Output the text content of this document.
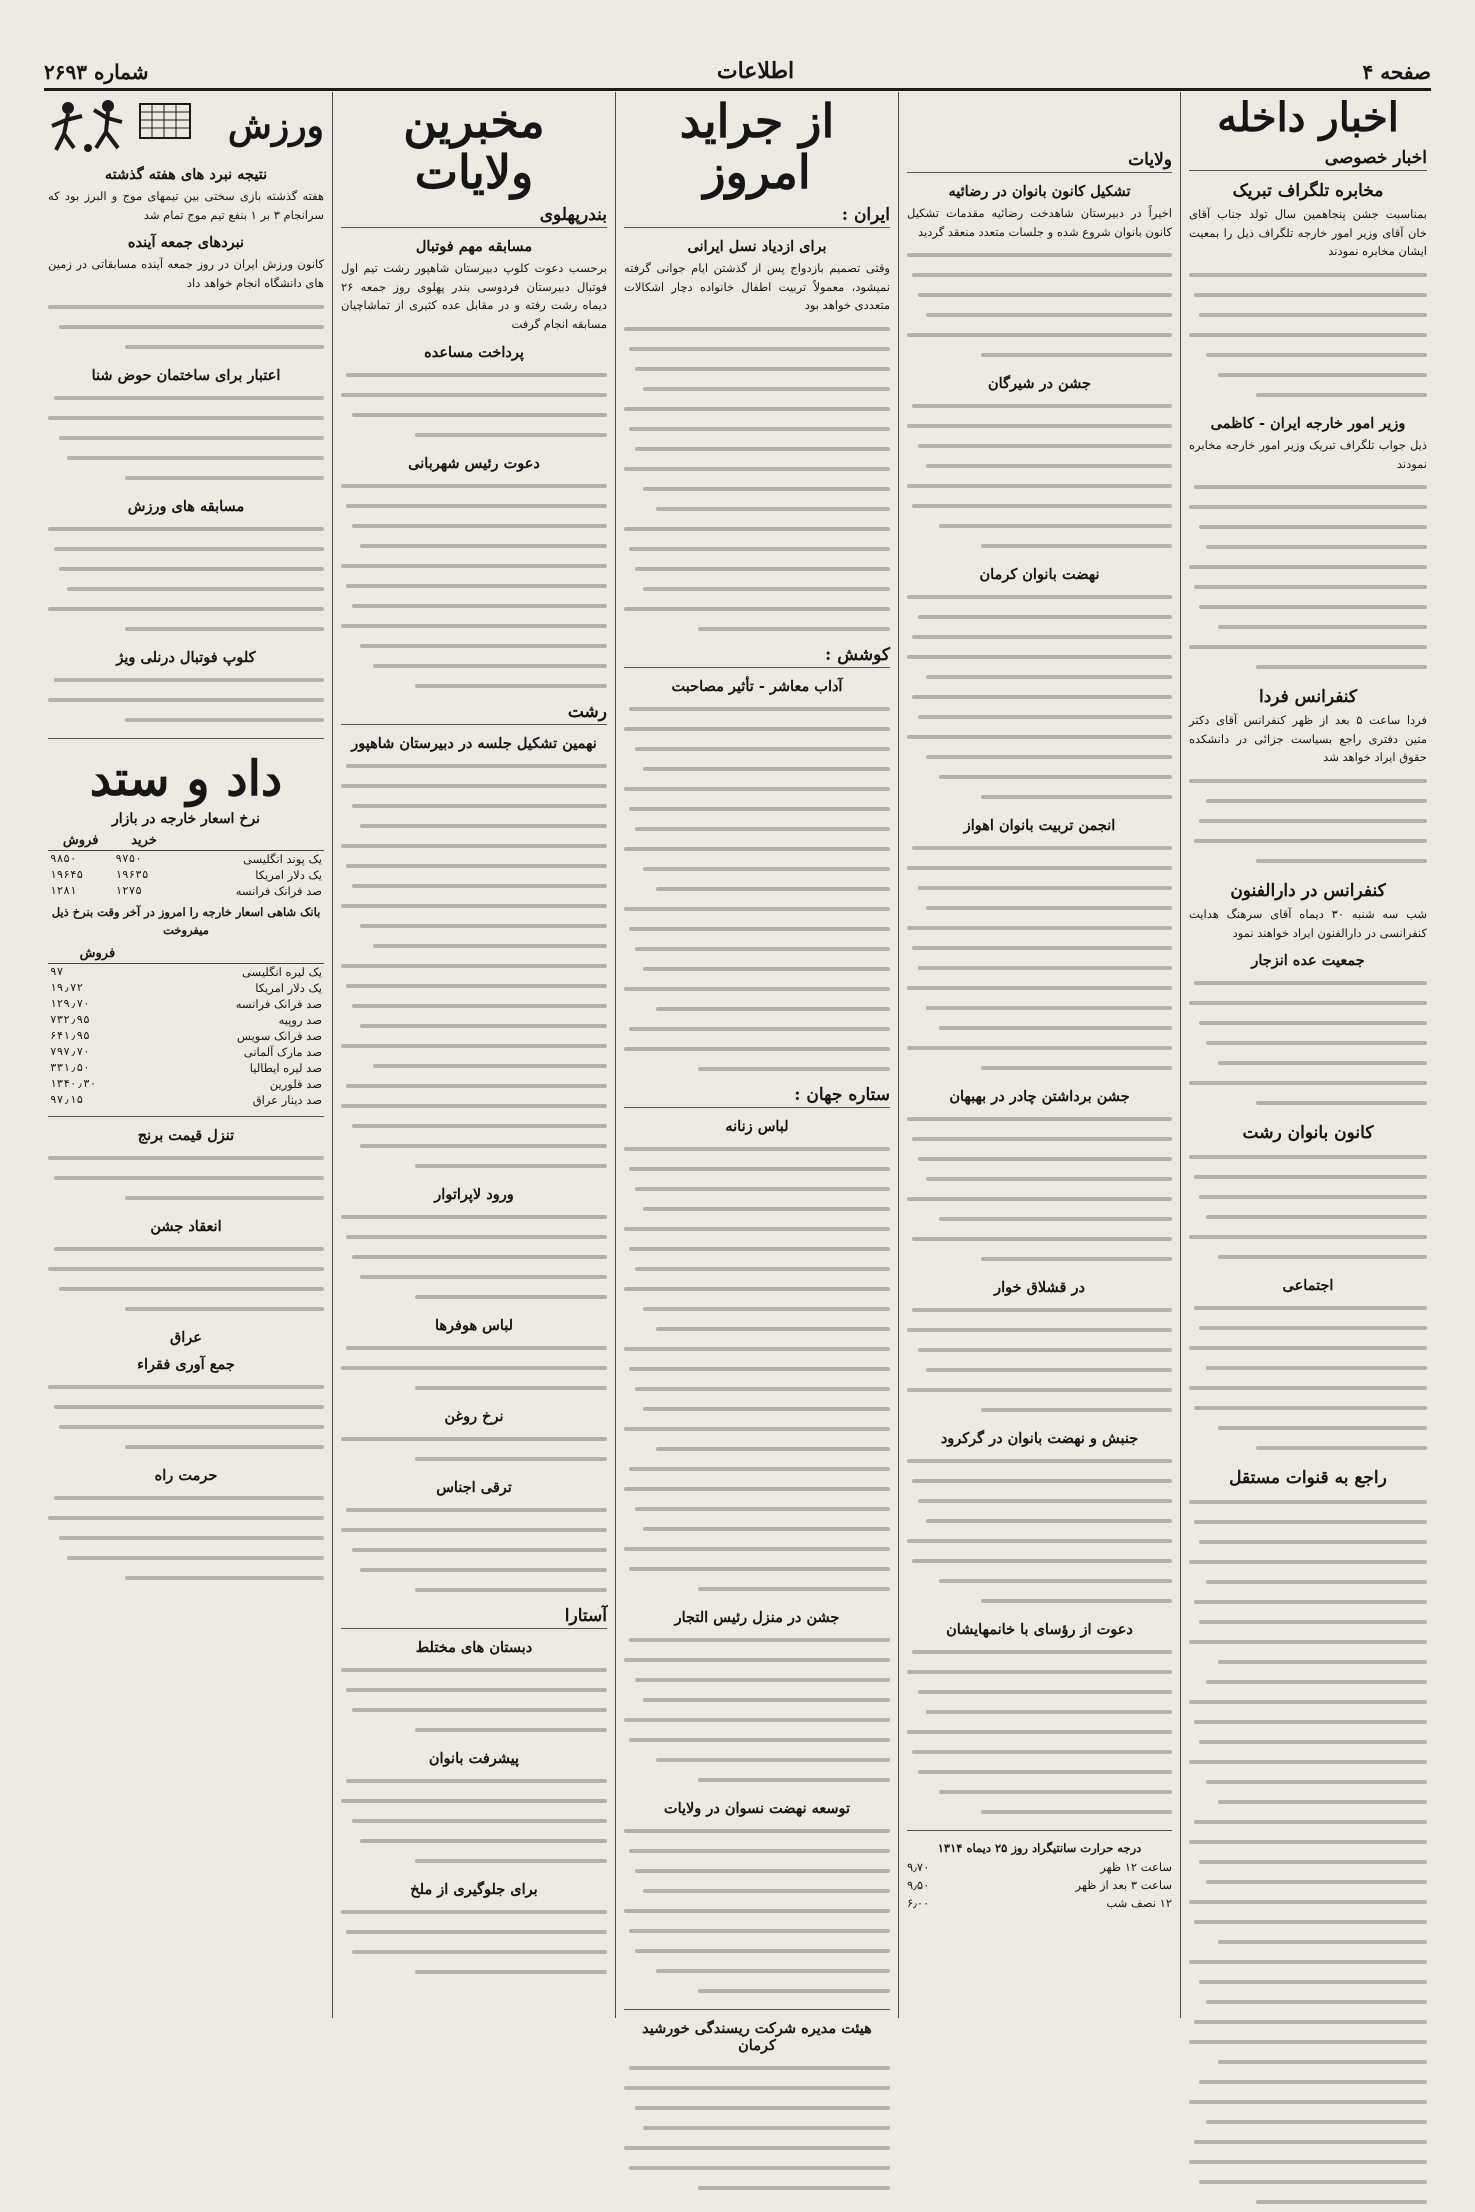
صفحه ۴
اطلاعات
شماره ۲۶۹۳
اخبار داخله
اخبار خصوصی
مخابره تلگراف تبریک

بمناسبت جشن پنجاهمین سال تولد جناب آقای خان آقای وزیر امور خارجه تلگراف ذیل را بمعیت ایشان مخابره نمودند

وزیر امور خارجه ایران - کاظمی

ذیل جواب تلگراف تبریک وزیر امور خارجه مخابره نمودند

کنفرانس فردا

فردا ساعت ۵ بعد از ظهر کنفرانس آقای دکتر متین دفتری راجع بسیاست جزائی در دانشکده حقوق ایراد خواهد شد

کنفرانس در دارالفنون

شب سه شنبه ۳۰ دیماه آقای سرهنگ هدایت کنفرانسی در دارالفنون ایراد خواهند نمود

جمعیت عده انزجار
کانون بانوان رشت
اجتماعی
راجع به قنوات مستقل
ولایات
تشکیل کانون بانوان در رضائیه

اخیراً در دبیرستان شاهدخت رضائیه مقدمات تشکیل کانون بانوان شروع شده و جلسات متعدد منعقد گردید

جشن در شیرگان
نهضت بانوان کرمان
انجمن تربیت بانوان اهواز
جشن برداشتن چادر در بهبهان
در قشلاق خوار
جنبش و نهضت بانوان در گرکرود
دعوت از رؤسای با خانمهایشان
درجه حرارت سانتیگراد روز ۲۵ دیماه ۱۳۱۴
ساعت ۱۲ ظهر
۹٫۷۰
ساعت ۳ بعد از ظهر
۹٫۵۰
۱۲ نصف شب
۶٫۰۰
از جراید امروز
ایران :
برای ازدیاد نسل ایرانی

وقتی تصمیم بازدواج پس از گذشتن ایام جوانی گرفته نمیشود، معمولاً تربیت اطفال خانواده دچار اشکالات متعددی خواهد بود

کوشش :
آداب معاشر - تأثیر مصاحبت
ستاره جهان :
لباس زنانه
جشن در منزل رئیس التجار
توسعه نهضت نسوان در ولایات
هیئت مدیره شرکت ریسندگی خورشید کرمان
مخبرین ولایات
بندرپهلوی
مسابقه مهم فوتبال

برحسب دعوت کلوپ دبیرستان شاهپور رشت تیم اول فوتبال دبیرستان فردوسی بندر پهلوی روز جمعه ۲۶ دیماه رشت رفته و در مقابل عده کثیری از تماشاچیان مسابقه انجام گرفت

پرداخت مساعده
دعوت رئیس شهربانی
رشت
نهمین تشکیل جلسه در دبیرستان شاهپور
ورود لاپراتوار
لباس هوفرها
نرخ روغن
ترقی اجناس
آستارا
دبستان های مختلط
پیشرفت بانوان
برای جلوگیری از ملخ
ورزش
نتیجه نبرد های هفته گذشته

هفته گذشته بازی سختی بین تیمهای موج و البرز بود که سرانجام ۳ بر ۱ بنفع تیم موج تمام شد

نبردهای جمعه آینده

کانون ورزش ایران در روز جمعه آینده مسابقاتی در زمین های دانشگاه انجام خواهد داد

اعتبار برای ساختمان حوض شنا
مسابقه های ورزش
کلوپ فوتبال درنلی ویژ
داد و ستد
نرخ اسعار خارجه در بازار
	خرید	فروش
یک پوند انگلیسی	۹۷۵۰	۹۸۵۰
یک دلار امریکا	۱۹۶۳۵	۱۹۶۴۵
صد فرانک فرانسه	۱۲۷۵	۱۲۸۱

بانک شاهی اسعار خارجه را امروز در آخر وقت بنرخ ذیل میفروخت

	فروش
یک لیره انگلیسی	۹۷
یک دلار امریکا	۱۹٫۷۲
صد فرانک فرانسه	۱۲۹٫۷۰
صد روپیه	۷۳۲٫۹۵
صد فرانک سویس	۶۴۱٫۹۵
صد مارک آلمانی	۷۹۷٫۷۰
صد لیره ایطالیا	۳۳۱٫۵۰
صد فلورین	۱۳۴۰٫۳۰
صد دینار عراق	۹۷٫۱۵
تنزل قیمت برنج
انعقاد جشن
عراق
جمع آوری فقراء
حرمت راه
